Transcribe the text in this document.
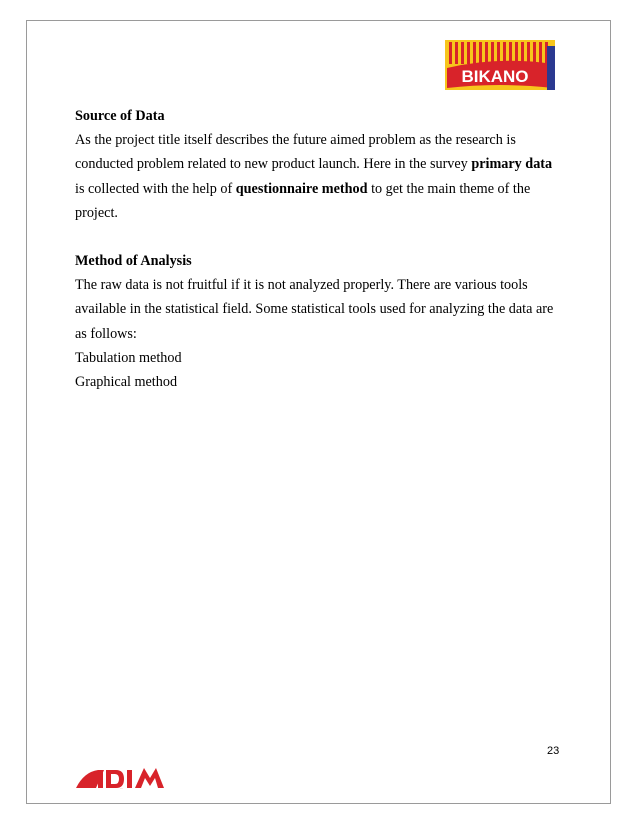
BIKANO
Source of Data

As the project title itself describes the future aimed problem as the research is conducted problem related to new product launch. Here in the survey primary data is collected with the help of questionnaire method to get the main theme of the project.

Method of Analysis

The raw data is not fruitful if it is not analyzed properly. There are various tools available in the statistical field. Some statistical tools used for analyzing the data are as follows:

Tabulation method
Graphical method
23
NDIM
